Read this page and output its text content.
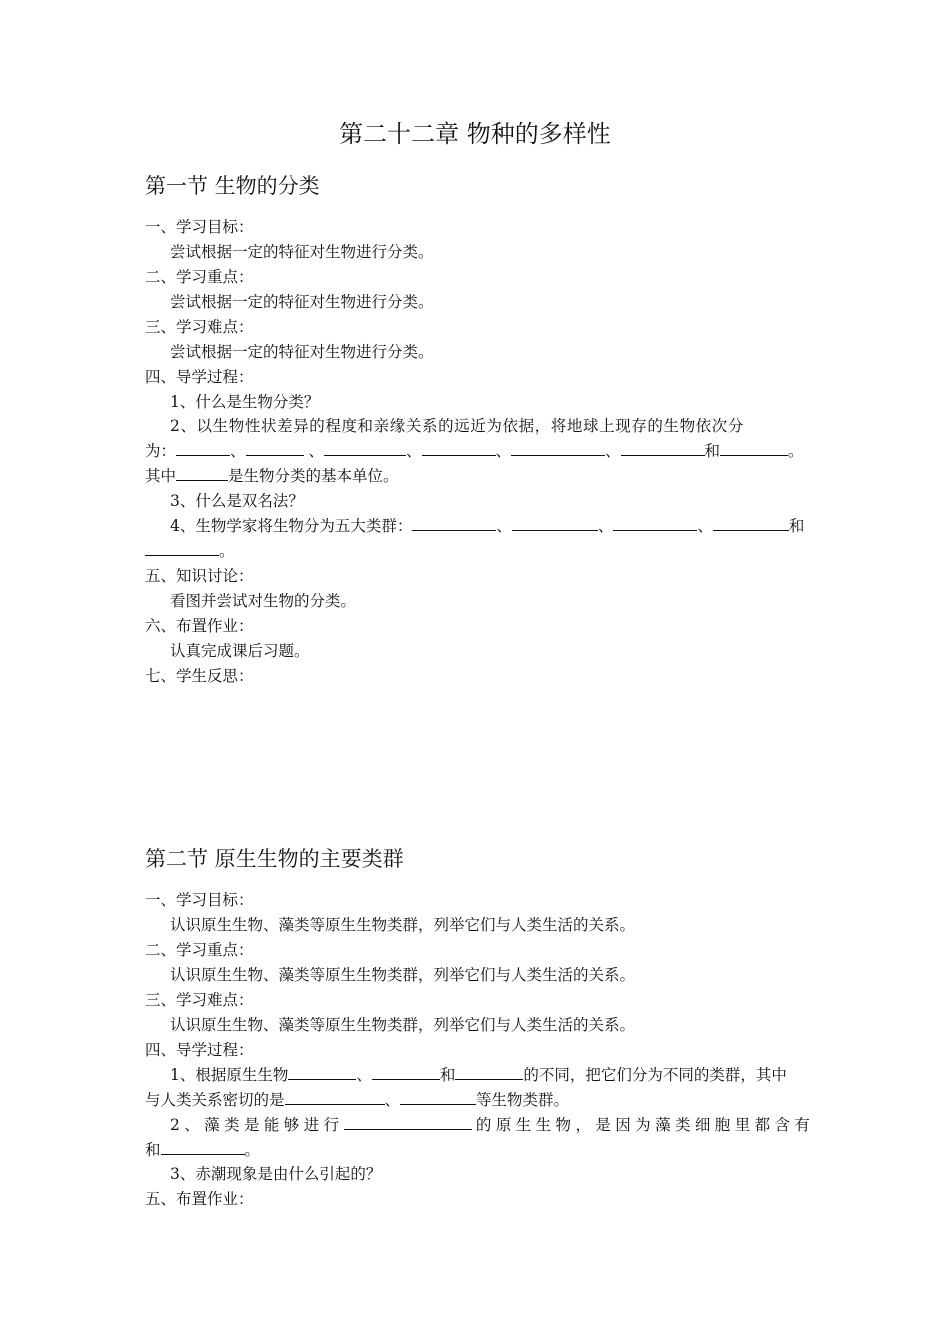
第二十二章 物种的多样性
第一节 生物的分类
一、学习目标：
尝试根据一定的特征对生物进行分类。
二、学习重点：
尝试根据一定的特征对生物进行分类。
三、学习难点：
尝试根据一定的特征对生物进行分类。
四、导学过程：
1、什么是生物分类？
2、以生物性状差异的程度和亲缘关系的远近为依据，将地球上现存的生物依次分
为：	、	、	、	、	、	和	。
其中	是生物分类的基本单位。
3、什么是双名法？
4、生物学家将生物分为五大类群：	、	、	、	和
。
五、知识讨论：
看图并尝试对生物的分类。
六、布置作业：
认真完成课后习题。
七、学生反思：
第二节 原生生物的主要类群
一、学习目标：
认识原生生物、藻类等原生生物类群，列举它们与人类生活的关系。
二、学习重点：
认识原生生物、藻类等原生生物类群，列举它们与人类生活的关系。
三、学习难点：
认识原生生物、藻类等原生生物类群，列举它们与人类生活的关系。
四、导学过程：
1、根据原生生物	、	和	的不同，把它们分为不同的类群，其中
与人类关系密切的是	、	等生物类群。
2 、 藻 类 是 能 够 进 行	的 原 生 生 物 ， 是 因 为 藻 类 细 胞 里 都 含 有
和	。
3、赤潮现象是由什么引起的？
五、布置作业：
